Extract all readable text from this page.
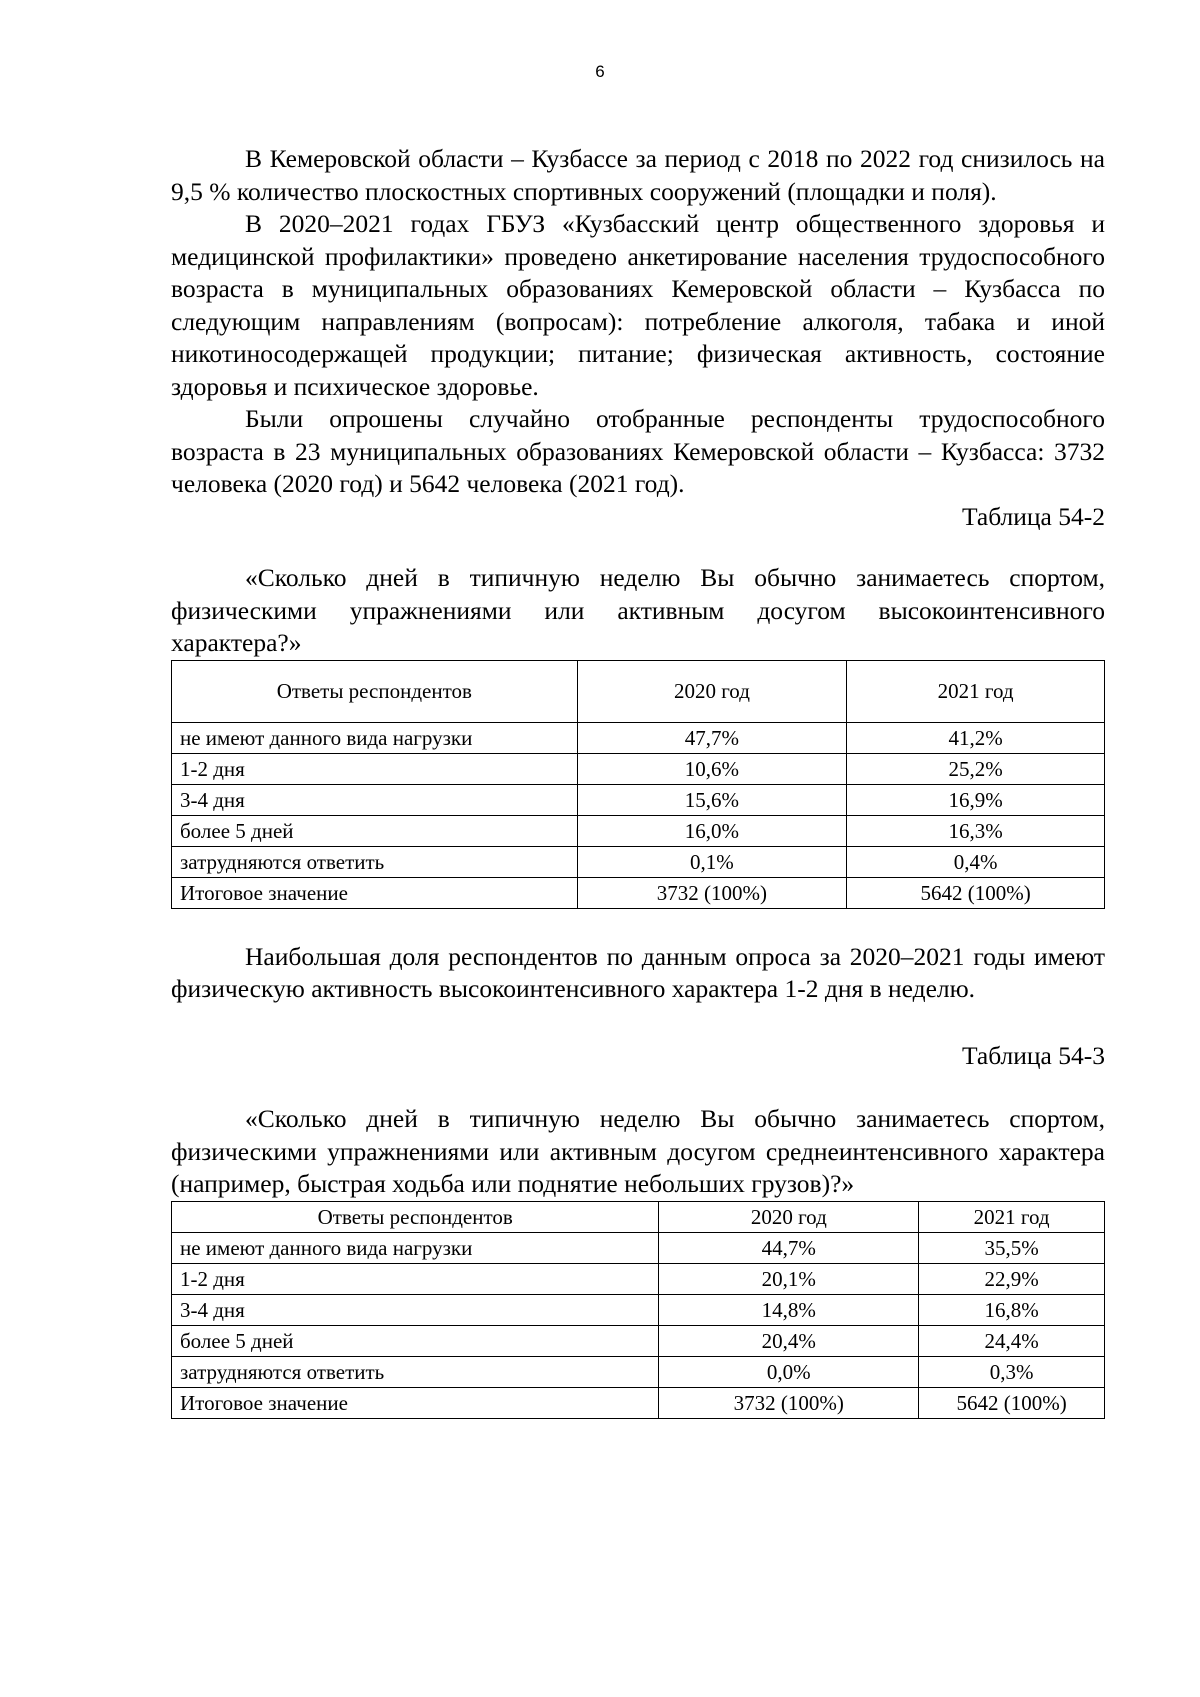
6

В Кемеровской области – Кузбассе за период с 2018 по 2022 год снизилось на 9,5 % количество плоскостных спортивных сооружений (площадки и поля).

В 2020–2021 годах ГБУЗ «Кузбасский центр общественного здоровья и медицинской профилактики» проведено анкетирование населения трудоспособного возраста в муниципальных образованиях Кемеровской области – Кузбасса по следующим направлениям (вопросам): потребление алкоголя, табака и иной никотиносодержащей продукции; питание; физическая активность, состояние здоровья и психическое здоровье.

Были опрошены случайно отобранные респонденты трудоспособного возраста в 23 муниципальных образованиях Кемеровской области – Кузбасса: 3732 человека (2020 год) и 5642 человека (2021 год).

Таблица 54-2

«Сколько дней в типичную неделю Вы обычно занимаетесь спортом, физическими упражнениями или активным досугом высокоинтенсивного характера?»

Ответы респондентов	2020 год	2021 год
не имеют данного вида нагрузки	47,7%	41,2%
1-2 дня	10,6%	25,2%
3-4 дня	15,6%	16,9%
более 5 дней	16,0%	16,3%
затрудняются ответить	0,1%	0,4%
Итоговое значение	3732 (100%)	5642 (100%)

Наибольшая доля респондентов по данным опроса за 2020–2021 годы имеют физическую активность высокоинтенсивного характера 1-2 дня в неделю.

Таблица 54-3

«Сколько дней в типичную неделю Вы обычно занимаетесь спортом, физическими упражнениями или активным досугом среднеинтенсивного характера (например, быстрая ходьба или поднятие небольших грузов)?»

Ответы респондентов	2020 год	2021 год
не имеют данного вида нагрузки	44,7%	35,5%
1-2 дня	20,1%	22,9%
3-4 дня	14,8%	16,8%
более 5 дней	20,4%	24,4%
затрудняются ответить	0,0%	0,3%
Итоговое значение	3732 (100%)	5642 (100%)
